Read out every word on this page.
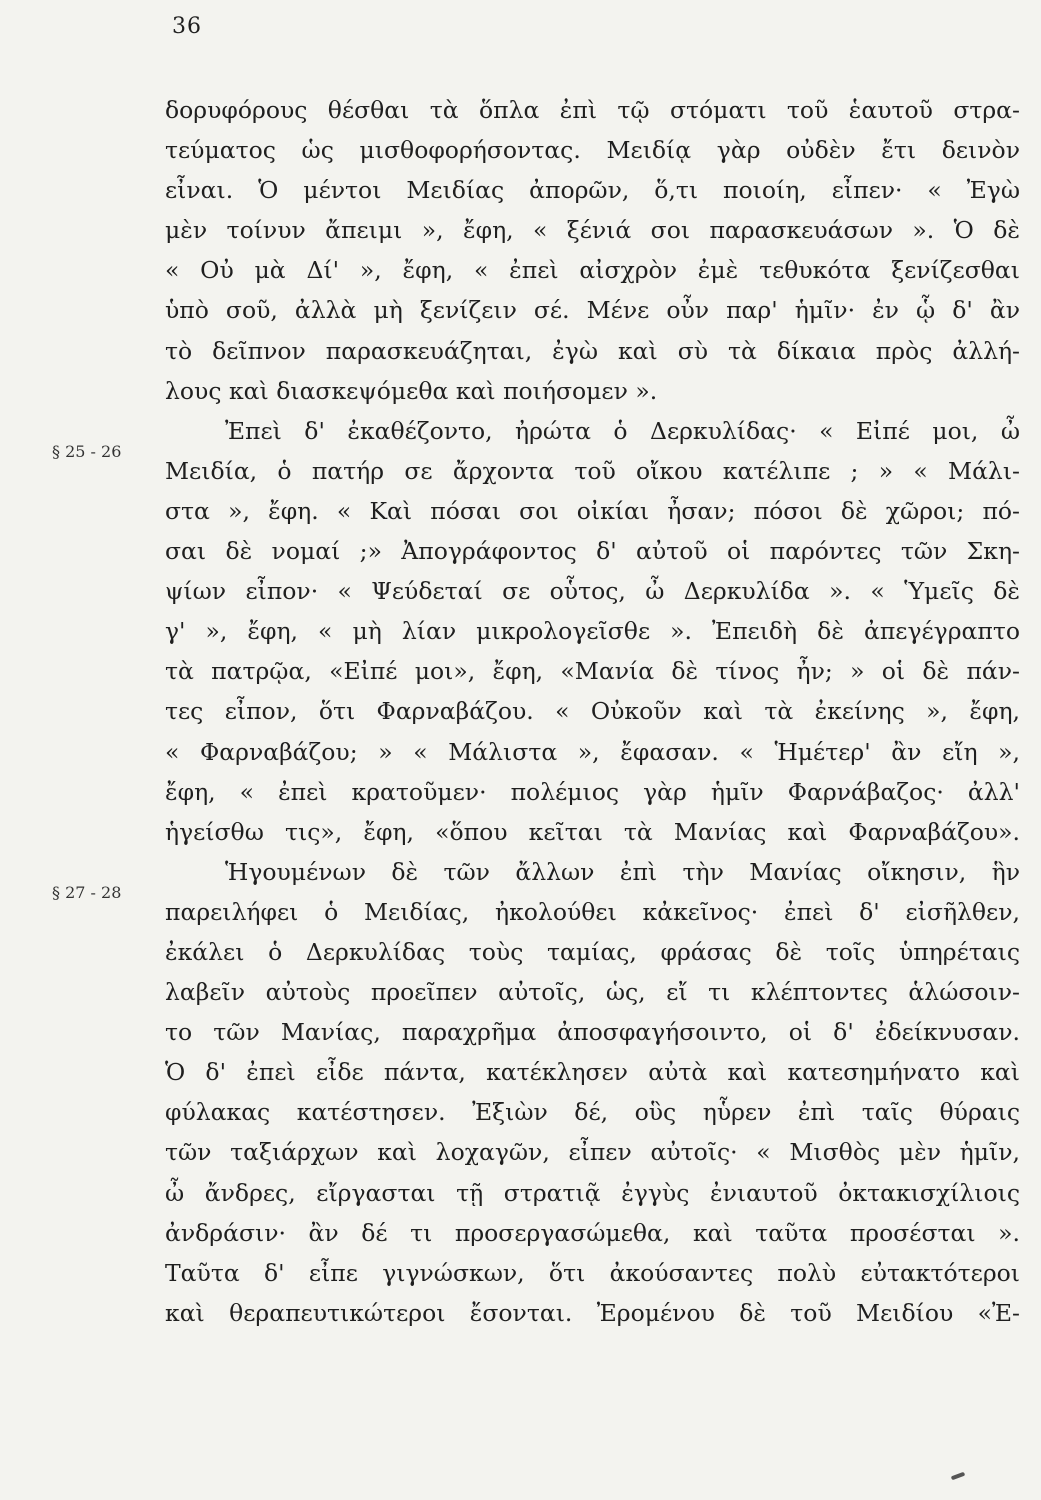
36
§ 25 - 26
§ 27 - 28
δορυφόρους θέσθαι τὰ ὅπλα ἐπὶ τῷ στόματι τοῦ ἑαυτοῦ στρα-
τεύματος ὡς μισθοφορήσοντας. Μειδίᾳ γὰρ οὐδὲν ἔτι δεινὸν
εἶναι. Ὁ μέντοι Μειδίας ἀπορῶν, ὅ,τι ποιοίη, εἶπεν· « Ἐγὼ
μὲν τοίνυν ἄπειμι », ἔφη, « ξένιά σοι παρασκευάσων ». Ὁ δὲ
« Οὐ μὰ Δί' », ἔφη, « ἐπεὶ αἰσχρὸν ἐμὲ τεθυκότα ξενίζεσθαι
ὑπὸ σοῦ, ἀλλὰ μὴ ξενίζειν σέ. Μένε οὖν παρ' ἡμῖν· ἐν ᾧ δ' ἂν
τὸ δεῖπνον παρασκευάζηται, ἐγὼ καὶ σὺ τὰ δίκαια πρὸς ἀλλή-
λους καὶ διασκεψόμεθα καὶ ποιήσομεν ».
Ἐπεὶ δ' ἐκαθέζοντο, ἠρώτα ὁ Δερκυλίδας· « Εἰπέ μοι, ὦ
Μειδία, ὁ πατήρ σε ἄρχοντα τοῦ οἴκου κατέλιπε ; » « Μάλι-
στα », ἔφη. « Καὶ πόσαι σοι οἰκίαι ἦσαν; πόσοι δὲ χῶροι; πό-
σαι δὲ νομαί ;» Ἀπογράφοντος δ' αὐτοῦ οἱ παρόντες τῶν Σκη-
ψίων εἶπον· « Ψεύδεταί σε οὗτος, ὦ Δερκυλίδα ». « Ὑμεῖς δὲ
γ' », ἔφη, « μὴ λίαν μικρολογεῖσθε ». Ἐπειδὴ δὲ ἀπεγέγραπτο
τὰ πατρῷα, «Εἰπέ μοι», ἔφη, «Μανία δὲ τίνος ἦν; » οἱ δὲ πάν-
τες εἶπον, ὅτι Φαρναβάζου. « Οὐκοῦν καὶ τὰ ἐκείνης », ἔφη,
« Φαρναβάζου; » « Μάλιστα », ἔφασαν. « Ἡμέτερ' ἂν εἴη »,
ἔφη, « ἐπεὶ κρατοῦμεν· πολέμιος γὰρ ἡμῖν Φαρνάβαζος· ἀλλ'
ἡγείσθω τις», ἔφη, «ὅπου κεῖται τὰ Μανίας καὶ Φαρναβάζου».
Ἡγουμένων δὲ τῶν ἄλλων ἐπὶ τὴν Μανίας οἴκησιν, ἣν
παρειλήφει ὁ Μειδίας, ἠκολούθει κἀκεῖνος· ἐπεὶ δ' εἰσῆλθεν,
ἐκάλει ὁ Δερκυλίδας τοὺς ταμίας, φράσας δὲ τοῖς ὑπηρέταις
λαβεῖν αὐτοὺς προεῖπεν αὐτοῖς, ὡς, εἴ τι κλέπτοντες ἁλώσοιν-
το τῶν Μανίας, παραχρῆμα ἀποσφαγήσοιντο, οἱ δ' ἐδείκνυσαν.
Ὁ δ' ἐπεὶ εἶδε πάντα, κατέκλησεν αὐτὰ καὶ κατεσημήνατο καὶ
φύλακας κατέστησεν. Ἐξιὼν δέ, οὓς ηὗρεν ἐπὶ ταῖς θύραις
τῶν ταξιάρχων καὶ λοχαγῶν, εἶπεν αὐτοῖς· « Μισθὸς μὲν ἡμῖν,
ὦ ἄνδρες, εἴργασται τῇ στρατιᾷ ἐγγὺς ἐνιαυτοῦ ὀκτακισχίλιοις
ἀνδράσιν· ἂν δέ τι προσεργασώμεθα, καὶ ταῦτα προσέσται ».
Ταῦτα δ' εἶπε γιγνώσκων, ὅτι ἀκούσαντες πολὺ εὐτακτότεροι
καὶ θεραπευτικώτεροι ἔσονται. Ἐρομένου δὲ τοῦ Μειδίου «Ἐ-
